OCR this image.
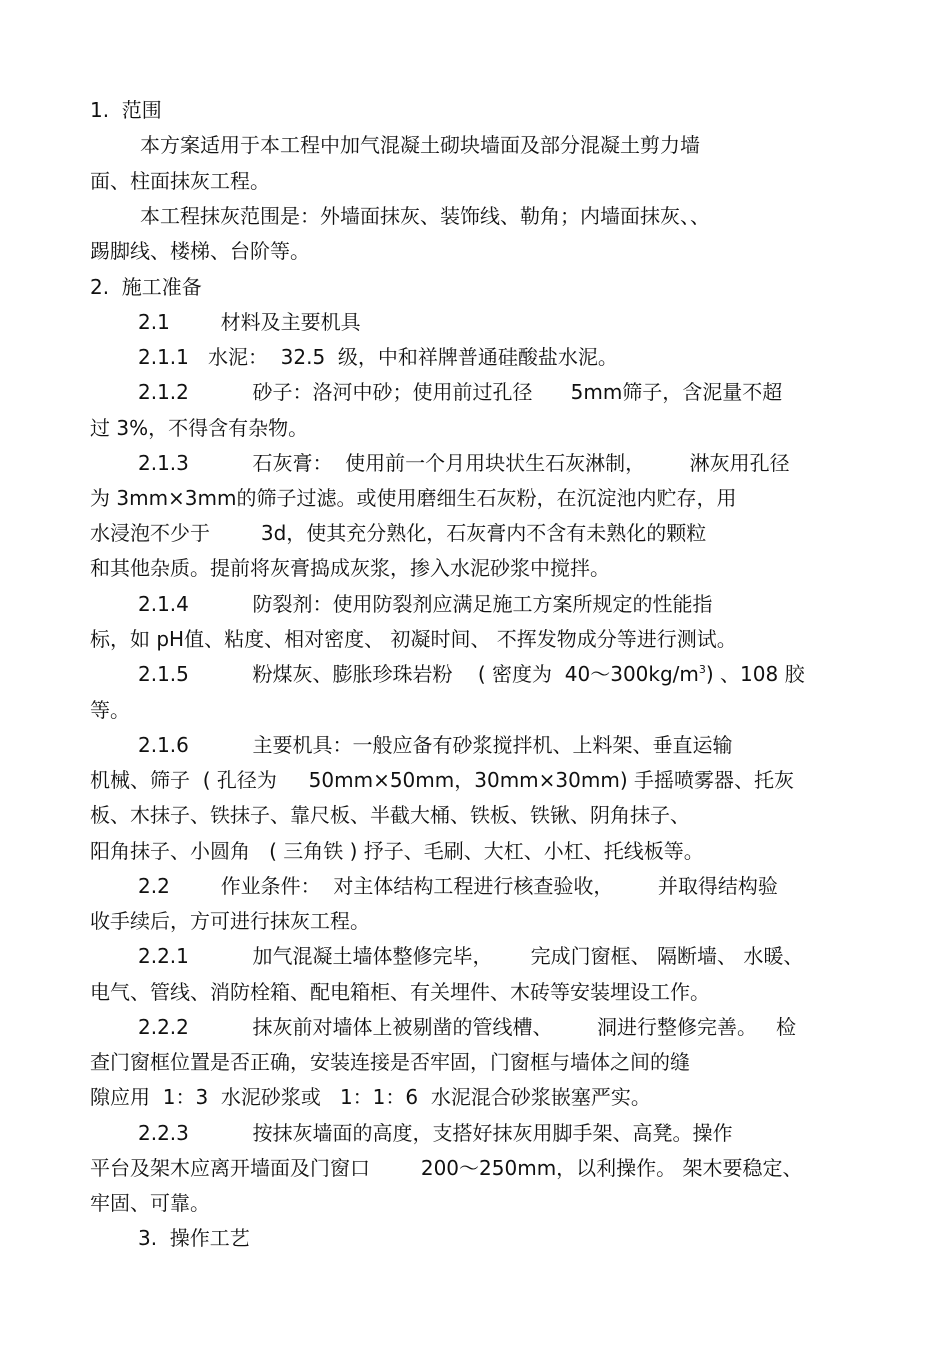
1.  范围
本方案适用于本工程中加气混凝土砌块墙面及部分混凝土剪力墙
面、柱面抹灰工程。
本工程抹灰范围是：外墙面抹灰、装饰线、勒角；内墙面抹灰、、
踢脚线、楼梯、台阶等。
2.  施工准备
2.1        材料及主要机具
2.1.1   水泥：  32.5  级，中和祥牌普通硅酸盐水泥。
2.1.2          砂子：洛河中砂；使用前过孔径      5mm筛子，含泥量不超
过 3%，不得含有杂物。
2.1.3          石灰膏：  使用前一个月用块状生石灰淋制，       淋灰用孔径
为 3mm×3mm的筛子过滤。或使用磨细生石灰粉，在沉淀池内贮存，用
水浸泡不少于        3d，使其充分熟化，石灰膏内不含有未熟化的颗粒
和其他杂质。提前将灰膏捣成灰浆，掺入水泥砂浆中搅拌。
2.1.4          防裂剂：使用防裂剂应满足施工方案所规定的性能指
标，如 pH值、粘度、相对密度、 初凝时间、 不挥发物成分等进行测试。
2.1.5          粉煤灰、膨胀珍珠岩粉    ( 密度为  $40\sim 300kg/m^3$) 、108 胶
等。
2.1.6          主要机具：一般应备有砂浆搅拌机、上料架、垂直运输
机械、筛子  ( 孔径为     50mm×50mm，30mm×30mm) 手摇喷雾器、托灰
板、木抹子、铁抹子、靠尺板、半截大桶、铁板、铁锹、阴角抹子、
阳角抹子、小圆角   ( 三角铁 ) 抒子、毛刷、大杠、小杠、托线板等。
2.2        作业条件：  对主体结构工程进行核查验收，       并取得结构验
收手续后，方可进行抹灰工程。
2.2.1          加气混凝土墙体整修完毕，      完成门窗框、 隔断墙、 水暖、
电气、管线、消防栓箱、配电箱柜、有关埋件、木砖等安装埋设工作。
2.2.2          抹灰前对墙体上被剔凿的管线槽、       洞进行整修完善。   检
查门窗框位置是否正确，安装连接是否牢固，门窗框与墙体之间的缝
隙应用  1：3  水泥砂浆或   1：1：6  水泥混合砂浆嵌塞严实。
2.2.3          按抹灰墙面的高度，支搭好抹灰用脚手架、高凳。操作
平台及架木应离开墙面及门窗口        200～250mm，以利操作。 架木要稳定、
牢固、可靠。
3.  操作工艺
